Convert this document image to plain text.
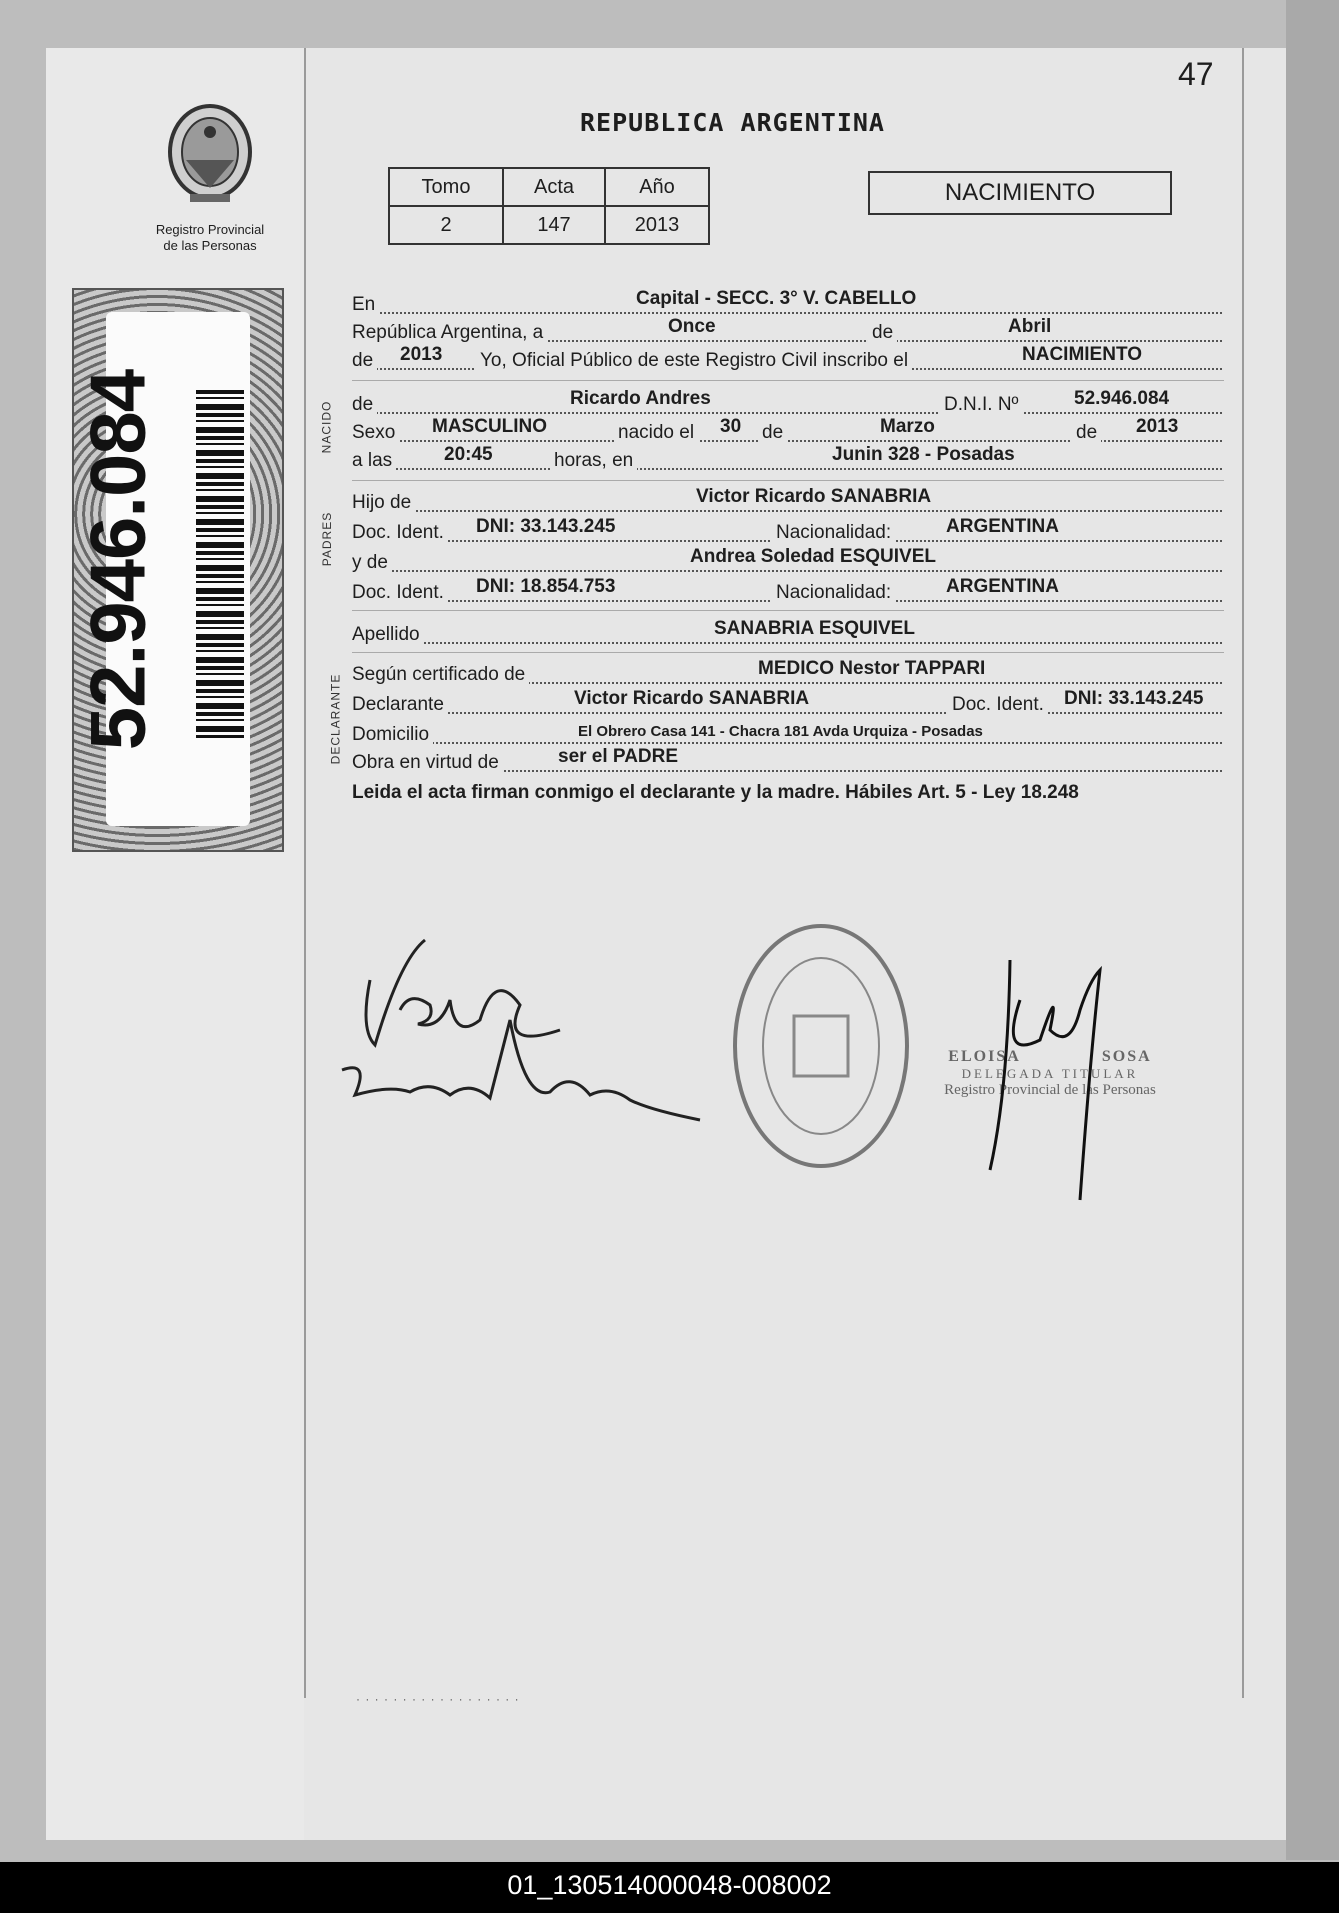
47
REPUBLICA ARGENTINA
Registro Provincial
de las Personas
52.946.084
Tomo	Acta	Año
2	147	2013
NACIMIENTO
NACIDO
PADRES
DECLARANTE
En	Capital - SECC. 3° V. CABELLO
República Argentina, a	Once	de	Abril
de 2013 Yo, Oficial Público de este Registro Civil inscribo el	NACIMIENTO
de	Ricardo Andres	D.N.I. Nº	52.946.084
Sexo MASCULINO	nacido el 30 de	Marzo	de 2013
a las	20:45	horas, en	Junin 328 - Posadas
Hijo de	Victor Ricardo SANABRIA
Doc. Ident. DNI: 33.143.245	Nacionalidad:	ARGENTINA
y de	Andrea Soledad ESQUIVEL
Doc. Ident. DNI: 18.854.753	Nacionalidad:	ARGENTINA
Apellido	SANABRIA ESQUIVEL
Según certificado de	MEDICO Nestor TAPPARI
Declarante	Victor Ricardo SANABRIA	Doc. Ident. DNI: 33.143.245
Domicilio	El Obrero Casa 141 - Chacra 181 Avda Urquiza - Posadas
Obra en virtud de	ser el PADRE
Leida el acta firman conmigo el declarante y la madre. Hábiles Art. 5 - Ley 18.248
ELOISA	SOSA
DELEGADA TITULAR
Registro Provincial de las Personas
· · · · · · · · · · · · · · · · · ·
01_130514000048-008002
